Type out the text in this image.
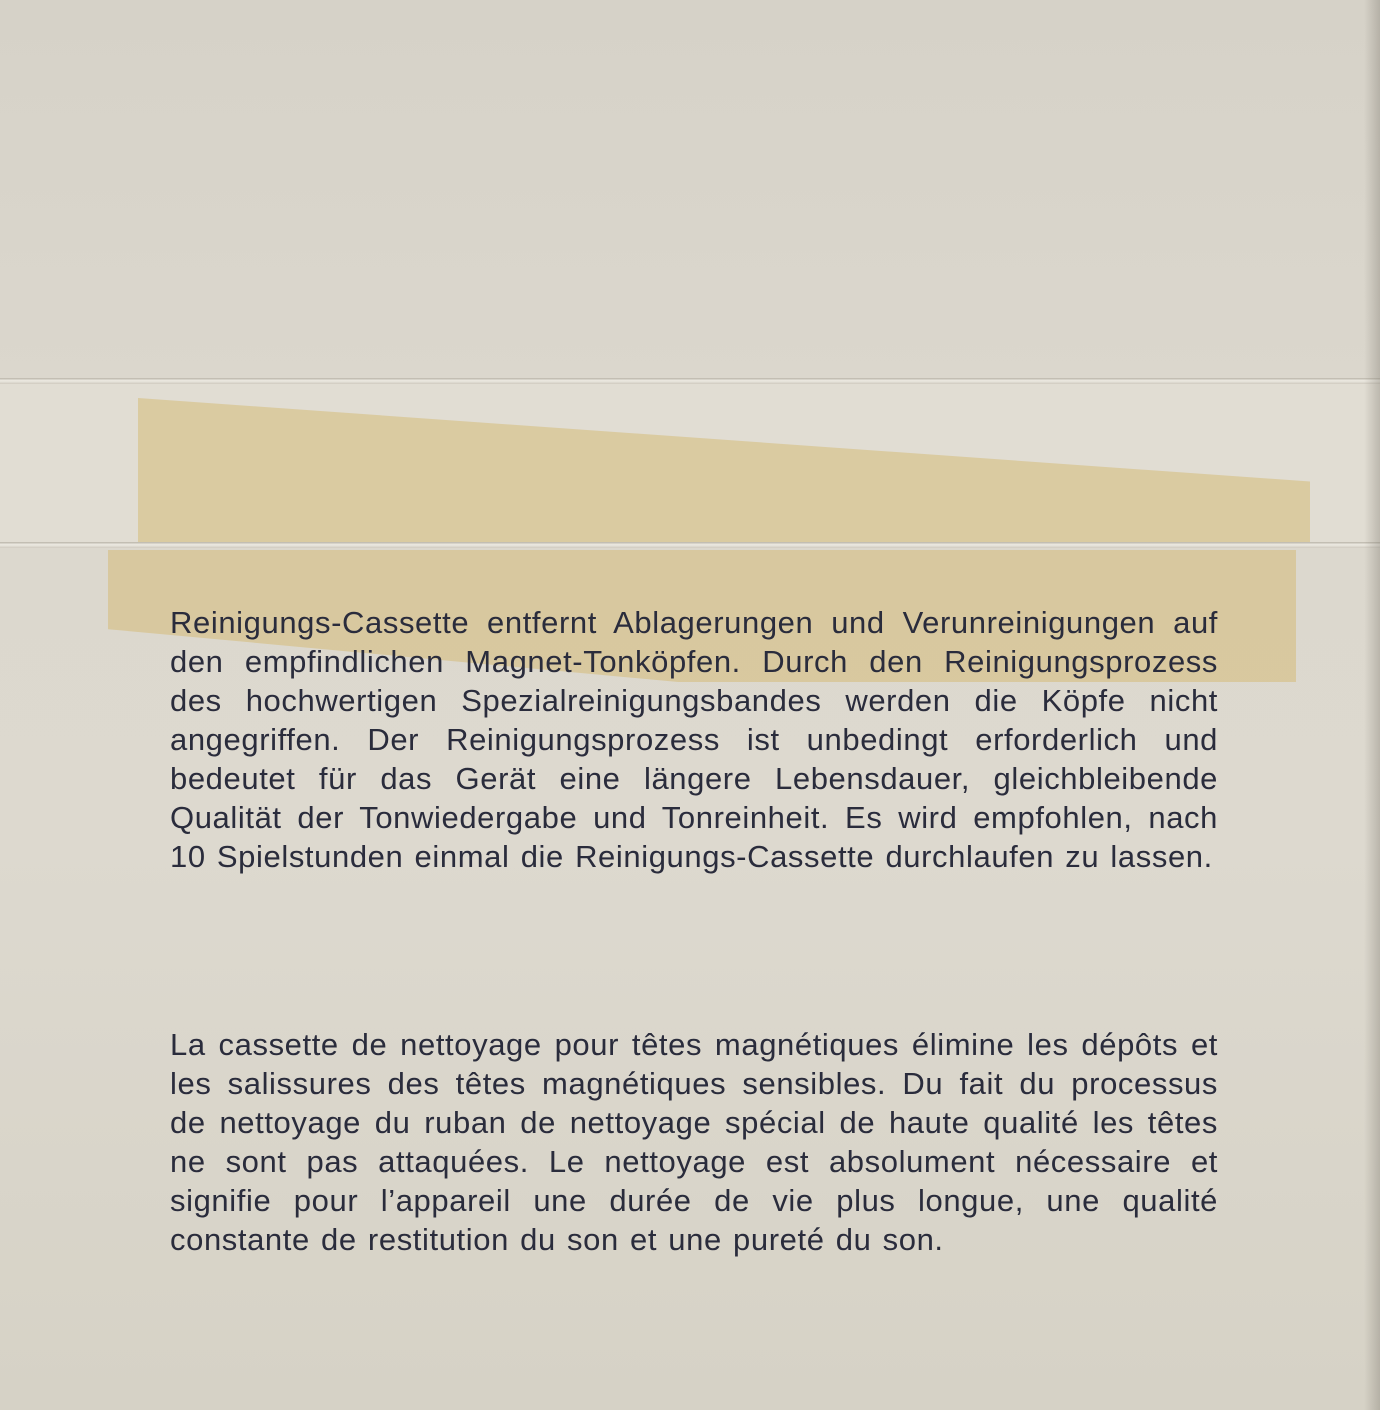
Reinigungs-Cassette entfernt Ablagerungen und Verunreinigungen auf den empfindlichen Magnet-Tonköpfen. Durch den Reinigungsprozess des hochwertigen Spezialreinigungsbandes werden die Köpfe nicht angegriffen. Der Reinigungsprozess ist unbedingt erforderlich und bedeutet für das Gerät eine längere Lebensdauer, gleichbleibende Qualität der Tonwiedergabe und Tonreinheit. Es wird empfohlen, nach 10 Spielstunden einmal die Reinigungs-Cassette durchlaufen zu lassen.

La cassette de nettoyage pour têtes magnétiques élimine les dépôts et les salissures des têtes magnétiques sensibles. Du fait du processus de nettoyage du ruban de nettoyage spécial de haute qualité les têtes ne sont pas attaquées. Le nettoyage est absolument nécessaire et signifie pour l’appareil une durée de vie plus longue, une qualité constante de restitution du son et une pureté du son.
